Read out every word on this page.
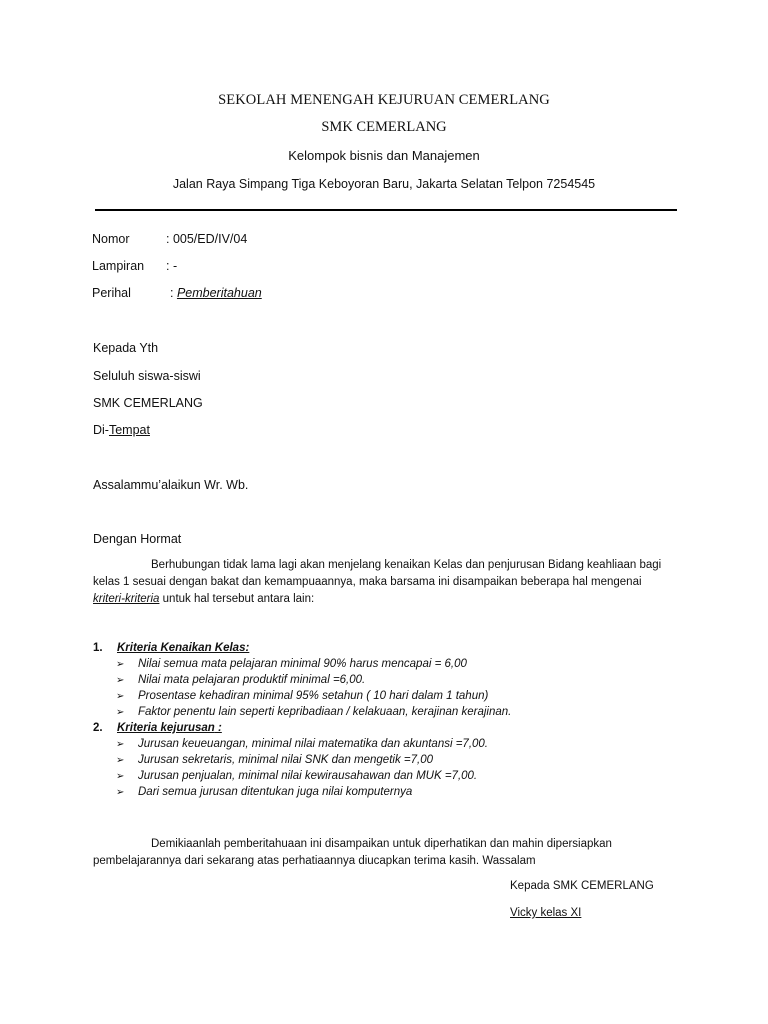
SEKOLAH MENENGAH KEJURUAN CEMERLANG
SMK CEMERLANG
Kelompok bisnis dan Manajemen
Jalan Raya Simpang Tiga Keboyoran Baru, Jakarta Selatan Telpon 7254545
Nomor	: 005/ED/IV/04
Lampiran : -
Perihal	: Pemberitahuan
Kepada Yth
Seluluh siswa-siswi
SMK CEMERLANG
Di-Tempat
Assalammu’alaikun Wr. Wb.
Dengan Hormat
Berhubungan tidak lama lagi akan menjelang kenaikan Kelas dan penjurusan Bidang keahliaan bagi
kelas 1 sesuai dengan bakat dan kemampuaannya, maka barsama ini disampaikan beberapa hal mengenai
kriteri-kriteria untuk hal tersebut antara lain:
1. Kriteria Kenaikan Kelas:
➢ Nilai semua mata pelajaran minimal 90% harus mencapai = 6,00
➢ Nilai mata pelajaran produktif minimal =6,00.
➢ Prosentase kehadiran minimal 95% setahun ( 10 hari dalam 1 tahun)
➢ Faktor penentu lain seperti kepribadiaan / kelakuaan, kerajinan kerajinan.
2. Kriteria kejurusan :
➢ Jurusan keueuangan, minimal nilai matematika dan akuntansi =7,00.
➢ Jurusan sekretaris, minimal nilai SNK dan mengetik =7,00
➢ Jurusan penjualan, minimal nilai kewirausahawan dan MUK =7,00.
➢ Dari semua jurusan ditentukan juga nilai komputernya
Demikiaanlah pemberitahuaan ini disampaikan untuk diperhatikan dan mahin dipersiapkan
pembelajarannya dari sekarang atas perhatiaannya diucapkan terima kasih. Wassalam
Kepada SMK CEMERLANG
Vicky kelas XI
